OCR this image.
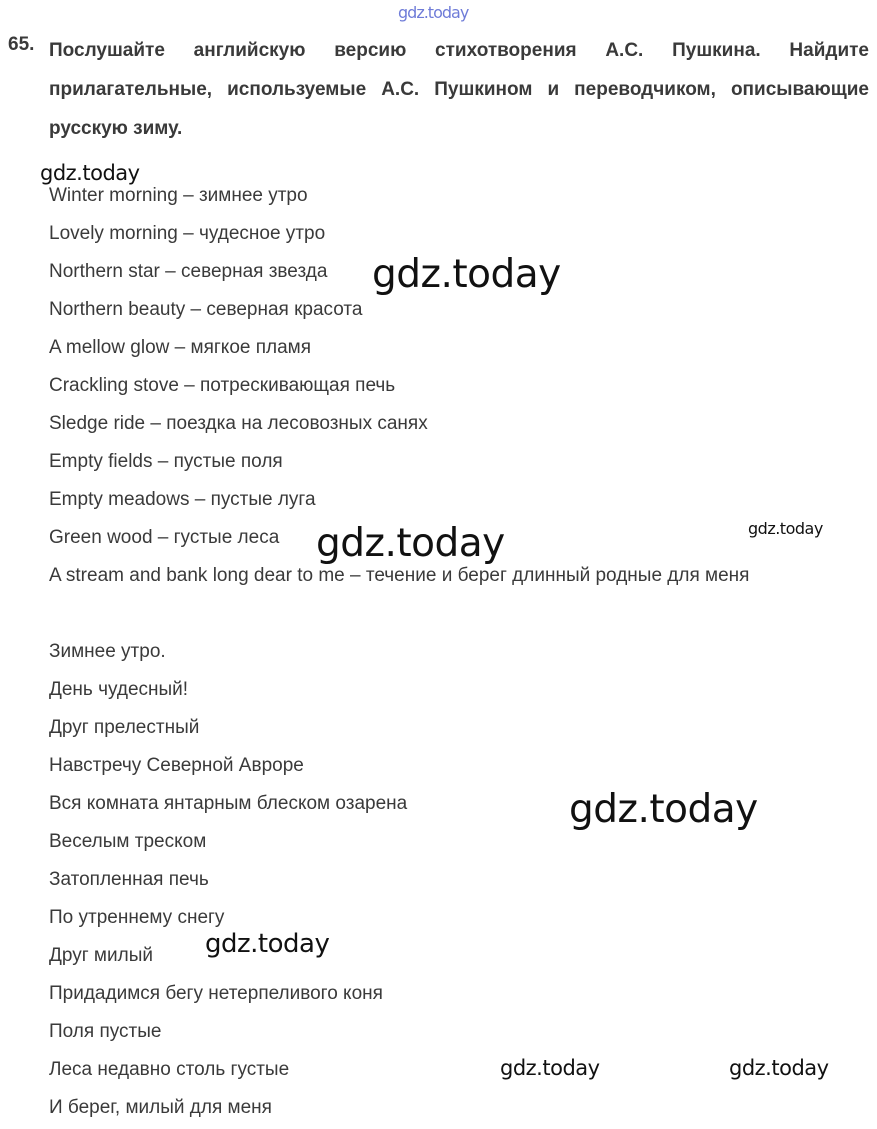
gdz.today
65. Послушайте английскую версию стихотворения А.С. Пушкина. Найдите прилагательные, используемые А.С. Пушкином и переводчиком, описывающие русскую зиму.
gdz.today
Winter morning – зимнее утро
Lovely morning – чудесное утро
Northern star – северная звезда
Northern beauty – северная красота
A mellow glow – мягкое пламя
Crackling stove – потрескивающая печь
Sledge ride – поездка на лесовозных санях
Empty fields – пустые поля
Empty meadows – пустые луга
Green wood – густые леса
A stream and bank long dear to me – течение и берег длинный родные для меня
gdz.today
gdz.today	gdz.today
Зимнее утро.
День чудесный!
Друг прелестный
Навстречу Северной Авроре
Вся комната янтарным блеском озарена
Веселым треском
Затопленная печь
По утреннему снегу
Друг милый
Придадимся бегу нетерпеливого коня
Поля пустые
Леса недавно столь густые
И берег, милый для меня
gdz.today
gdz.today
gdz.today	gdz.today
